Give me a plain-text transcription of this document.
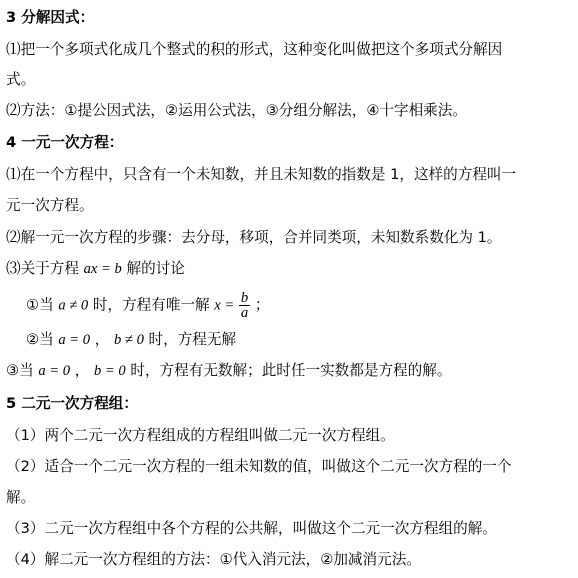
3 分解因式：
⑴把一个多项式化成几个整式的积的形式，这种变化叫做把这个多项式分解因
式。
⑵方法：①提公因式法，②运用公式法，③分组分解法，④十字相乘法。
4 一元一次方程：
⑴在一个方程中，只含有一个未知数，并且未知数的指数是 1，这样的方程叫一
元一次方程。
⑵解一元一次方程的步骤：去分母，移项，合并同类项，未知数系数化为 1。
⑶关于方程 ax = b 解的讨论
①当 a ≠ 0 时，方程有唯一解 $x = \frac{b}{a}$ ；
②当 a = 0 ， b ≠ 0 时，方程无解
③当 a = 0 ， b = 0 时，方程有无数解；此时任一实数都是方程的解。
5 二元一次方程组：
（1）两个二元一次方程组成的方程组叫做二元一次方程组。
（2）适合一个二元一次方程的一组未知数的值，叫做这个二元一次方程的一个
解。
（3）二元一次方程组中各个方程的公共解，叫做这个二元一次方程组的解。
（4）解二元一次方程组的方法：①代入消元法，②加减消元法。
